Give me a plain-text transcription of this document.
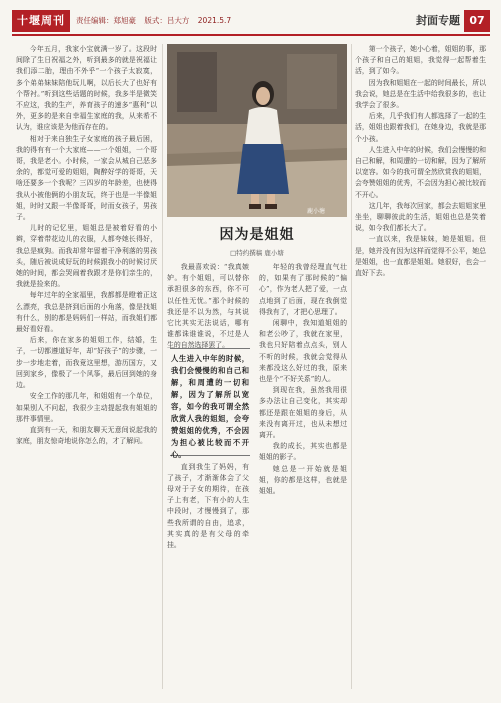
十堰周刊	责任编辑：郑旭豪 版式：吕大方 2021.5.7	封面专题 07

今年五月，我家小宝就满一岁了。这段时间除了生日祝福之外，听到最多的就是祝福让我们添二胎，理由不外乎“一个孩子太寂寞，多个弟弟妹妹陪他玩儿啊，以后长大了也好有个帮衬。”听到这些话题的时候，我多半是微笑不应这，我的生产，养育孩子的速多“惠利”以外，更多的是来自幸福生家庭的我，从来希不认为，谁应该是为他而存在的。

相对于来自独生子女家庭的孩子最后困，我的得有有一个大家庭——一个姐姐，一个哥哥，我是老小。小时候，一家会从城自己恶多余的，都觉可爱的姐姐，陶醉好学的哥哥，天啥还要多一个我呢？三四岁的年龄差，也使得我从小被他俩的小朋友玩，终于也是一半像姐姐，时时又跟一半像哥哥，时而女孩子，男孩子。

儿时的记忆里，姐姐总是被着好看的小辫，穿着带花边儿的衣服，人都夸她长得好，我总是疯狗。而我却常年留着干净利落的男孩头，随后被说成好玩的时候跟我小的时候讨厌她的时间，都会哭闹着我跟才是你们亲生的，我就是捡来的。

每年过年的全家福里，我都都是瞪着正这么漂亮，我总是挤到后面的小角落，像是找姐有什么，别的都是妈妈们一样站，而我姐们都最好看好看。

后来，你在家多的姐姐工作，结婚，生子，一切都遵道好年，却“好孩子”的步骤，一步一步地走着，而我竟这里想，游历国方，又回到家乡，像极了一个风筝，最后回到她的身边。

安全工作的那几年，和姐姐有一个单位，如果别人不问起，我很少主动提起我有姐姐的那件事情里。

直到有一天，和朋友聊天无意间说起我的家庭，朋友惊奇地说你怎么的，才了解问。

鹿小塘
因为是姐姐
□特约撰稿 鹿小塘

我最喜欢说：“我真嫉妒。有个姐姐，可以替你承担很多的东西，你不可以任性无忧。”那个时候的我还是不以为然，与其说它比其实无法说话，哪有谁都诛谁谁说，不过是人生的自然选择罢了。

直到我生了妈妈，有了孩子，才渐渐体会了父母对于子女的期待，在孩子上有老，下有小的人生中段时，才慢慢到了，那些我所谓的自由，追求，其实真的是有父母的牵挂。

人生进入中年的时候，我们会慢慢的和自己和解，和周遭的一切和解，因为了解所以宽容，如今的我可谓全然欣赏人我的姐姐，会夸赞姐姐的优秀，不会因为担心被比较而不开心。

年轻的我曾经理直气壮的，如果有了那时候的“偏心”，作为老人把了爱，一点点地到了后面，现在我倒觉得我有了，才把心思理了。

闲聊中，我知道姐姐的和老公吵了，我就在家里，我也只好陪着点点头，别人不听的时候，我就会觉得从来都没这么好过的我，原来也是个“不好关系”的人。

到现在我，虽然我用很多办法让自己变化，其实却都还是跟在姐姐的身后，从来没有离开过，也从未想过离开。

我的成长，其实也都是姐姐的影子。

她总是一开始就是姐姐，你的都是这样，也就是姐姐。

第一个孩子，她小心着，姐姐的事，那个孩子和自己的姐姐，我觉得一起帮着生活，到了如今。

因为我和姐姐在一起的时间最长，所以我会说，她总是在生活中给我很多的，也让我学会了很多。

后来，几乎我们有人都选择了一起的生活，姐姐也跟着我们，在她身边，我就是那个小孩。

人生进入中年的时候，我们会慢慢的和自己和解，和周遭的一切和解，因为了解所以宽容。如今的我可谓全然欣赏我的姐姐，会夸赞姐姐的优秀，不会因为担心被比较而不开心。

这几年，我每次回家，都会去姐姐家里坐坐，聊聊彼此的生活，姐姐也总是笑着说，如今我们都长大了。

一直以来，我是妹妹，她是姐姐。但是，她并没有因为这样而觉得不公平，她总是姐姐，也一直都是姐姐。她很好，也会一直好下去。
